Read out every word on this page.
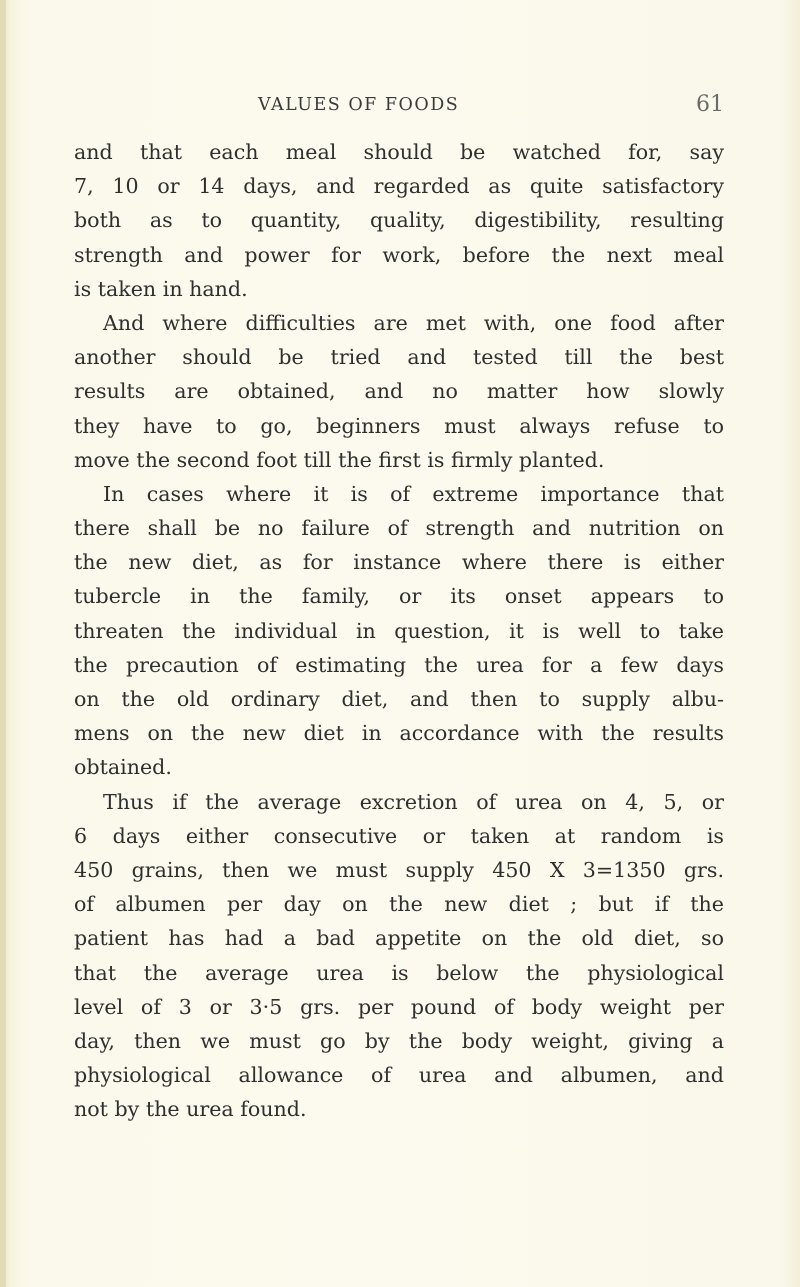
VALUES OF FOODS	61
and that each meal should be watched for, say
7, 10 or 14 days, and regarded as quite satisfactory
both as to quantity, quality, digestibility, resulting
strength and power for work, before the next meal
is taken in hand.
And where difficulties are met with, one food after
another should be tried and tested till the best
results are obtained, and no matter how slowly
they have to go, beginners must always refuse to
move the second foot till the first is firmly planted.
In cases where it is of extreme importance that
there shall be no failure of strength and nutrition on
the new diet, as for instance where there is either
tubercle in the family, or its onset appears to
threaten the individual in question, it is well to take
the precaution of estimating the urea for a few days
on the old ordinary diet, and then to supply albu-
mens on the new diet in accordance with the results
obtained.
Thus if the average excretion of urea on 4, 5, or
6 days either consecutive or taken at random is
450 grains, then we must supply 450 X 3=1350 grs.
of albumen per day on the new diet ; but if the
patient has had a bad appetite on the old diet, so
that the average urea is below the physiological
level of 3 or 3·5 grs. per pound of body weight per
day, then we must go by the body weight, giving a
physiological allowance of urea and albumen, and
not by the urea found.
